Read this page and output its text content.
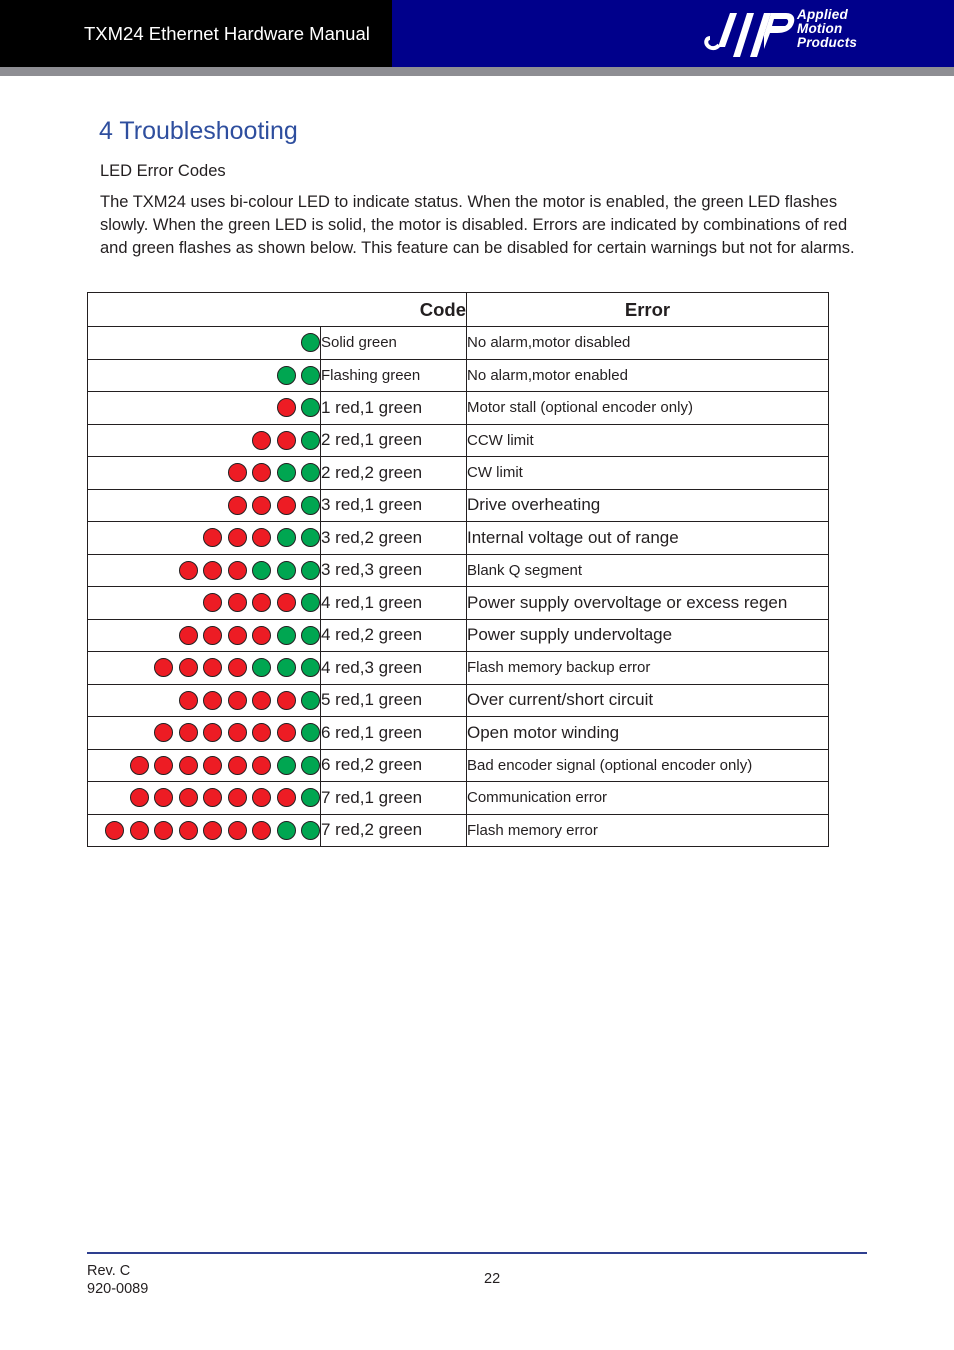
TXM24 Ethernet Hardware Manual
Applied
Motion
Products
4 Troubleshooting
LED Error Codes

The TXM24 uses bi-colour LED to indicate status. When the motor is enabled, the green LED flashes slowly. When the green LED is solid, the motor is disabled. Errors are indicated by combinations of red and green flashes as shown below. This feature can be disabled for certain warnings but not for alarms.

Code		Error
	Solid green	No alarm,motor disabled
	Flashing green	No alarm,motor enabled
	1 red,1 green	Motor stall (optional encoder only)
	2 red,1 green	CCW limit
	2 red,2 green	CW limit
	3 red,1 green	Drive overheating
	3 red,2 green	Internal voltage out of range
	3 red,3 green	Blank Q segment
	4 red,1 green	Power supply overvoltage or excess regen
	4 red,2 green	Power supply undervoltage
	4 red,3 green	Flash memory backup error
	5 red,1 green	Over current/short circuit
	6 red,1 green	Open motor winding
	6 red,2 green	Bad encoder signal (optional encoder only)
	7 red,1 green	Communication error
	7 red,2 green	Flash memory error
Rev. C
920-0089
22
